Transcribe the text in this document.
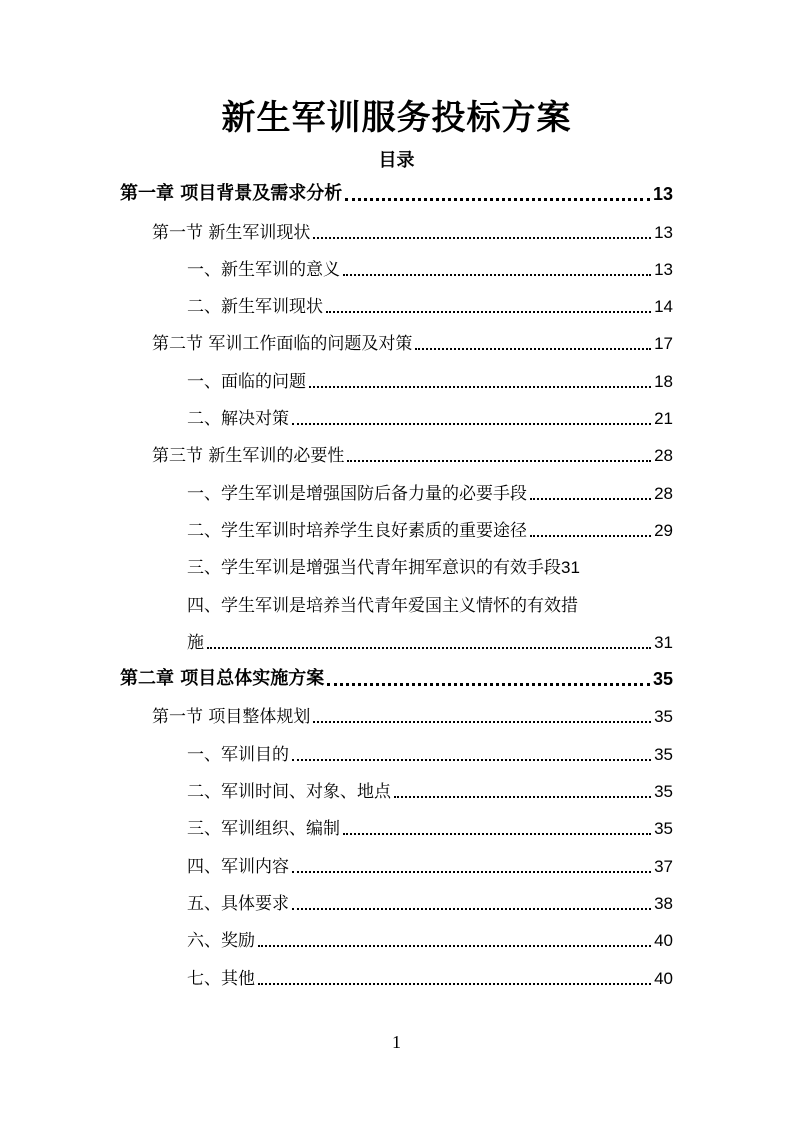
新生军训服务投标方案
目录
第一章 项目背景及需求分析	13
第一节 新生军训现状	13
一、新生军训的意义	13
二、新生军训现状	14
第二节 军训工作面临的问题及对策	17
一、面临的问题	18
二、解决对策	21
第三节 新生军训的必要性	28
一、学生军训是增强国防后备力量的必要手段	28
二、学生军训时培养学生良好素质的重要途径	29
三、学生军训是增强当代青年拥军意识的有效手段 31
四、学生军训是培养当代青年爱国主义情怀的有效措
施	31
第二章 项目总体实施方案	35
第一节 项目整体规划	35
一、军训目的	35
二、军训时间、对象、地点	35
三、军训组织、编制	35
四、军训内容	37
五、具体要求	38
六、奖励	40
七、其他	40
1
